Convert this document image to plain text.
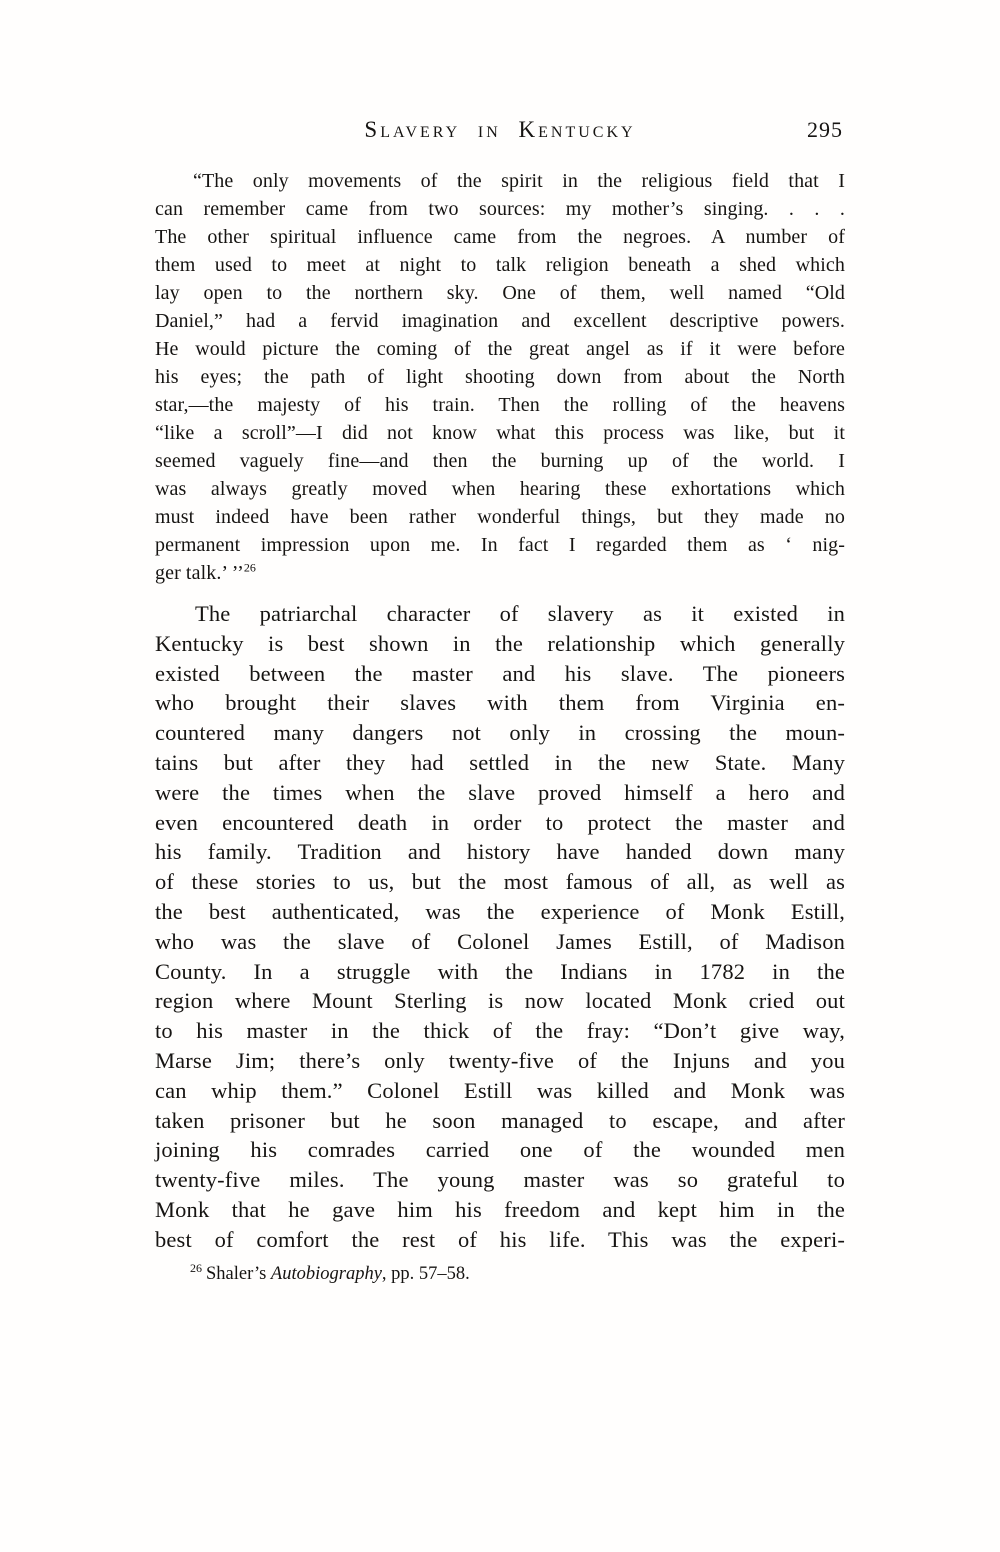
Slavery in Kentucky	295
“The only movements of the spirit in the religious field that I
can remember came from two sources: my mother’s singing. . . .
The other spiritual influence came from the negroes. A number of
them used to meet at night to talk religion beneath a shed which
lay open to the northern sky. One of them, well named “Old
Daniel,” had a fervid imagination and excellent descriptive powers.
He would picture the coming of the great angel as if it were before
his eyes; the path of light shooting down from about the North
star,—the majesty of his train. Then the rolling of the heavens
“like a scroll”—I did not know what this process was like, but it
seemed vaguely fine—and then the burning up of the world. I
was always greatly moved when hearing these exhortations which
must indeed have been rather wonderful things, but they made no
permanent impression upon me. In fact I regarded them as ‘ nig-
ger talk.’ ’’$^{26}$
The patriarchal character of slavery as it existed in
Kentucky is best shown in the relationship which generally
existed between the master and his slave. The pioneers
who brought their slaves with them from Virginia en-
countered many dangers not only in crossing the moun-
tains but after they had settled in the new State. Many
were the times when the slave proved himself a hero and
even encountered death in order to protect the master and
his family. Tradition and history have handed down many
of these stories to us, but the most famous of all, as well as
the best authenticated, was the experience of Monk Estill,
who was the slave of Colonel James Estill, of Madison
County. In a struggle with the Indians in 1782 in the
region where Mount Sterling is now located Monk cried out
to his master in the thick of the fray: “Don’t give way,
Marse Jim; there’s only twenty-five of the Injuns and you
can whip them.” Colonel Estill was killed and Monk was
taken prisoner but he soon managed to escape, and after
joining his comrades carried one of the wounded men
twenty-five miles. The young master was so grateful to
Monk that he gave him his freedom and kept him in the
best of comfort the rest of his life. This was the experi-
$^{26}$ Shaler’s Autobiography, pp. 57–58.
